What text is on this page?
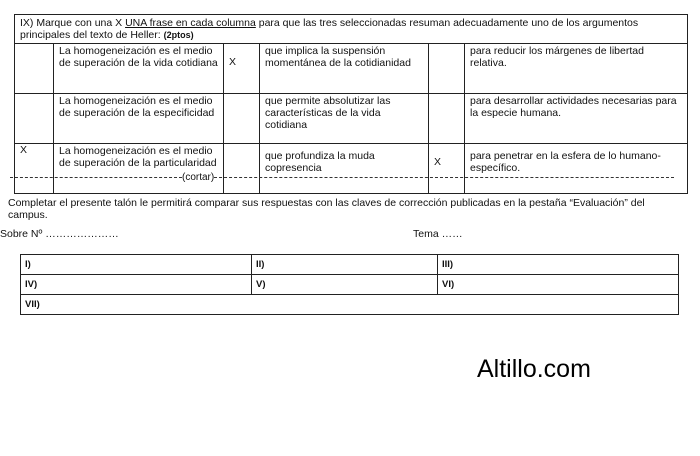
IX) Marque con una X UNA frase en cada columna para que las tres seleccionadas resuman adecuadamente uno de los argumentos principales del texto de Heller: (2ptos)					
	La homogeneización es el medio de superación de la vida cotidiana	X	que implica la suspensión momentánea de la cotidianidad		para reducir los márgenes de libertad relativa.
	La homogeneización es el medio de superación de la especificidad		que permite absolutizar las características de la vida cotidiana		para desarrollar actividades necesarias para la especie humana.
X	La homogeneización es el medio de superación de la particularidad		que profundiza la muda copresencia	X	para penetrar en la esfera de lo humano-específico.
(cortar)
Completar el presente talón le permitirá comparar sus respuestas con las claves de corrección publicadas en la pestaña “Evaluación” del campus.
Sobre Nº …………………	Tema ……
I)	II)	III)
IV)	V)	VI)
VII)		
Altillo.com
